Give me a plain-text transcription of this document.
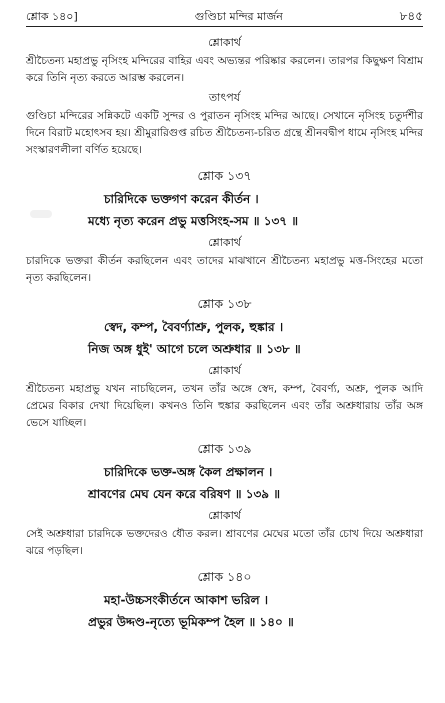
শ্লোক ১৪০]	গুণ্ডিচা মন্দির মার্জন	৮৪৫
শ্লোকার্থ

শ্রীচৈতন্য মহাপ্রভু নৃসিংহ মন্দিরের বাহির এবং অভ্যন্তর পরিষ্কার করলেন। তারপর কিছুক্ষণ বিশ্রাম করে তিনি নৃত্য করতে আরম্ভ করলেন।

তাৎপর্য

গুণ্ডিচা মন্দিরের সন্নিকটে একটি সুন্দর ও পুরাতন নৃসিংহ মন্দির আছে। সেখানে নৃসিংহ চতুর্দশীর দিনে বিরাট মহোৎসব হয়। শ্রীমুরারিগুপ্ত রচিত শ্রীচৈতন্য-চরিত গ্রন্থে শ্রীনবদ্বীপ ধামে নৃসিংহ মন্দির সংস্কারণলীলা বর্ণিত হয়েছে।

শ্লোক ১৩৭

চারিদিকে ভক্তগণ করেন কীর্তন ।

মধ্যে নৃত্য করেন প্রভু মত্তসিংহ-সম ॥ ১৩৭ ॥

শ্লোকার্থ

চারদিকে ভক্তরা কীর্তন করছিলেন এবং তাদের মাঝখানে শ্রীচৈতন্য মহাপ্রভু মত্ত-সিংহের মতো নৃত্য করছিলেন।

শ্লোক ১৩৮

স্বেদ, কম্প, বৈবর্ণ্যাশ্রু, পুলক, হুঙ্কার ।

নিজ অঙ্গ ধুই' আগে চলে অশ্রুধার ॥ ১৩৮ ॥

শ্লোকার্থ

শ্রীচৈতন্য মহাপ্রভু যখন নাচছিলেন, তখন তাঁর অঙ্গে স্বেদ, কম্প, বৈবর্ণ্য, অশ্রু, পুলক আদি প্রেমের বিকার দেখা দিয়েছিল। কখনও তিনি হুঙ্কার করছিলেন এবং তাঁর অশ্রুধারায় তাঁর অঙ্গ ভেসে যাচ্ছিল।

শ্লোক ১৩৯

চারিদিকে ভক্ত-অঙ্গ কৈল প্রক্ষালন ।

শ্রাবণের মেঘ যেন করে বরিষণ ॥ ১৩৯ ॥

শ্লোকার্থ

সেই অশ্রুধারা চারদিকে ভক্তদেরও ধৌত করল। শ্রাবণের মেঘের মতো তাঁর চোখ দিয়ে অশ্রুধারা ঝরে পড়ছিল।

শ্লোক ১৪০

মহা-উচ্চসংকীর্তনে আকাশ ভরিল ।

প্রভুর উদ্দণ্ড-নৃত্যে ভূমিকম্প হৈল ॥ ১৪০ ॥
